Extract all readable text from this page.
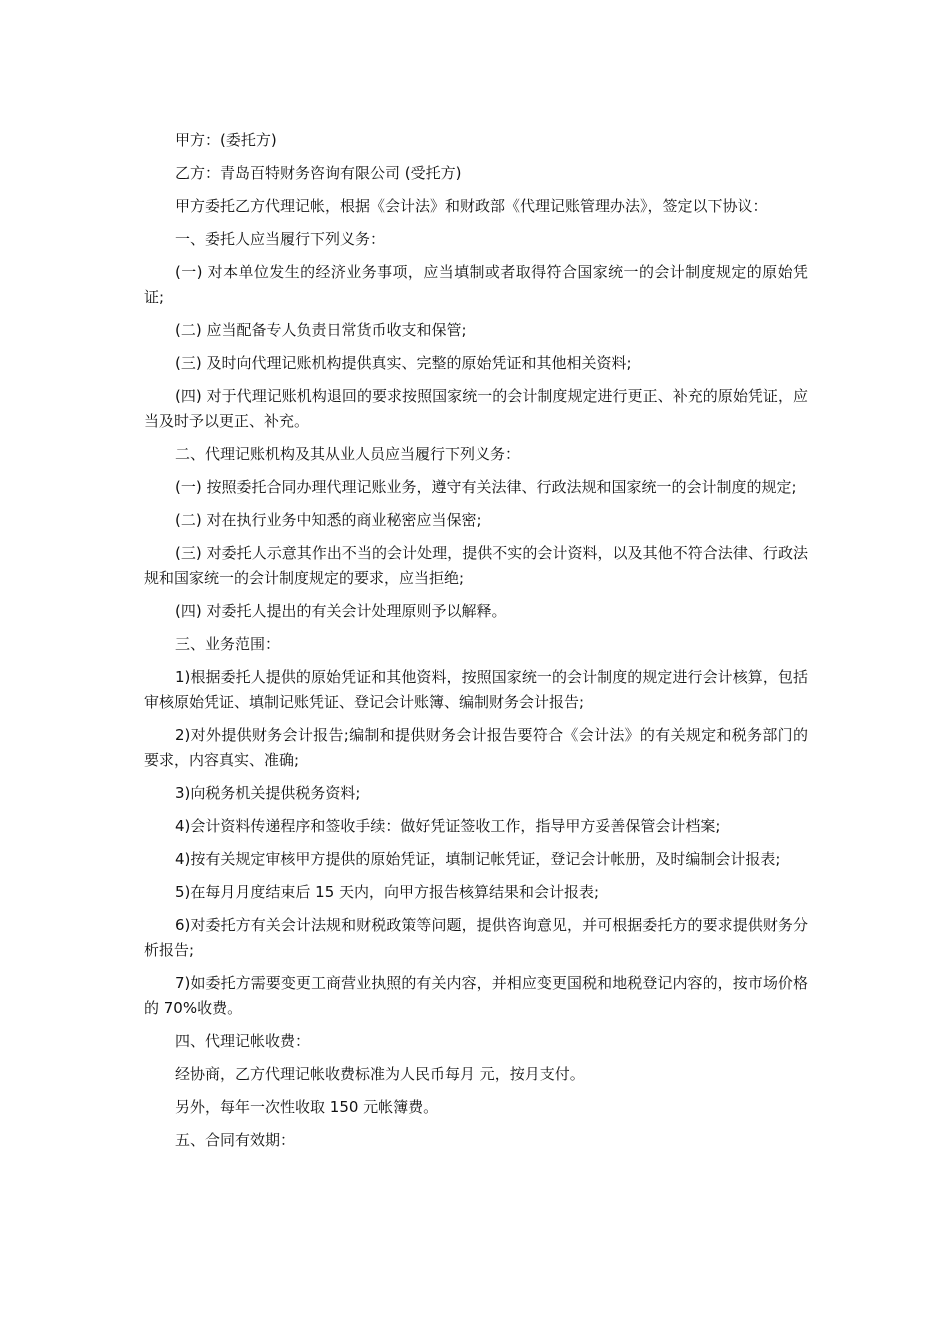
甲方：(委托方)

乙方：青岛百特财务咨询有限公司 (受托方)

甲方委托乙方代理记帐，根据《会计法》和财政部《代理记账管理办法》，签定以下协议：

一、委托人应当履行下列义务：

(一) 对本单位发生的经济业务事项，应当填制或者取得符合国家统一的会计制度规定的原始凭证;

(二) 应当配备专人负责日常货币收支和保管;

(三) 及时向代理记账机构提供真实、完整的原始凭证和其他相关资料;

(四) 对于代理记账机构退回的要求按照国家统一的会计制度规定进行更正、补充的原始凭证，应当及时予以更正、补充。

二、代理记账机构及其从业人员应当履行下列义务：

(一) 按照委托合同办理代理记账业务，遵守有关法律、行政法规和国家统一的会计制度的规定;

(二) 对在执行业务中知悉的商业秘密应当保密;

(三) 对委托人示意其作出不当的会计处理，提供不实的会计资料，以及其他不符合法律、行政法规和国家统一的会计制度规定的要求，应当拒绝;

(四) 对委托人提出的有关会计处理原则予以解释。

三、业务范围：

1)根据委托人提供的原始凭证和其他资料，按照国家统一的会计制度的规定进行会计核算，包括审核原始凭证、填制记账凭证、登记会计账簿、编制财务会计报告;

2)对外提供财务会计报告;编制和提供财务会计报告要符合《会计法》的有关规定和税务部门的要求，内容真实、准确;

3)向税务机关提供税务资料;

4)会计资料传递程序和签收手续：做好凭证签收工作，指导甲方妥善保管会计档案;

4)按有关规定审核甲方提供的原始凭证，填制记帐凭证，登记会计帐册，及时编制会计报表;

5)在每月月度结束后 15 天内，向甲方报告核算结果和会计报表;

6)对委托方有关会计法规和财税政策等问题，提供咨询意见，并可根据委托方的要求提供财务分析报告;

7)如委托方需要变更工商营业执照的有关内容，并相应变更国税和地税登记内容的，按市场价格的 70%收费。

四、代理记帐收费：

经协商，乙方代理记帐收费标准为人民币每月 元，按月支付。

另外，每年一次性收取 150 元帐簿费。

五、合同有效期：
